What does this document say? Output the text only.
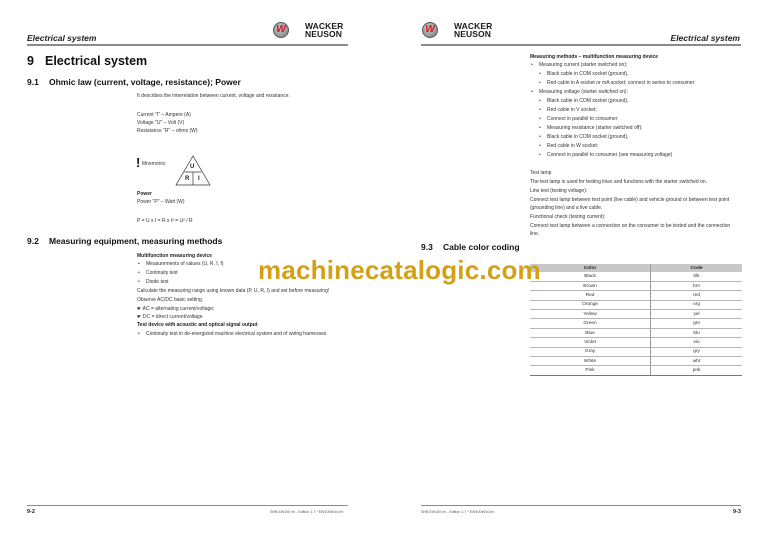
Electrical system
W WACKER
NEUSON
9 Electrical system
9.1 Ohmic law (current, voltage, resistance); Power
It describes the interrelation between current, voltage and resistance.
Current "I" – Ampere (A)
Voltage "U" – Volt (V)
Resistance "R" – ohms (W)
! Mnemonic:	U
R I
Power
Power "P" – Watt (W)
P = U x I = R x I² = U² / R
9.2 Measuring equipment, measuring methods
Multifunction measuring device
• Measurements of values (U, R, I, f)
• Continuity test
• Diode test
Calculate the measuring range using known data (P, U, R, I) and set before measuring!
Observe AC/DC basic setting.
☛ AC = alternating current/voltage;
☛ DC = direct current/voltage
Test device with acoustic and optical signal output
• Continuity test in de-energized machine electrical system and of wiring harnesses
9-2	SHB EW100 en - Edition 1.7 * EW100s910.fm
W WACKER
NEUSON	Electrical system
Measuring methods – multifunction measuring device
• Measuring current (starter switched on):
• Black cable in COM socket (ground),
• Red cable in A socket or mA socket; connect in series to consumer
• Measuring voltage (starter switched on):
• Black cable in COM socket (ground),
• Red cable in V socket;
• Connect in parallel to consumer
• Measuring resistance (starter switched off):
• Black cable in COM socket (ground),
• Red cable in W socket;
• Connect in parallel to consumer (see measuring voltage)
Test lamp
The test lamp is used for testing lines and functions with the starter switched on.
Line test (testing voltage):
Connect test lamp between test point (live cable) and vehicle ground or between test point
(grounding line) and a live cable.
Functional check (testing current):
Connect test lamp between a connection on the consumer to be tested and the connection
line.
9.3 Cable color coding
Color	Code
Black	blk
Brown	brn
Red	red
Orange	org
Yellow	yel
Green	grn
Blue	blu
Violet	vio
Gray	gry
White	wht
Pink	pnk
SHB EW100 en - Edition 1.7 * EW100s910.fm	9-3
machinecatalogic.com
